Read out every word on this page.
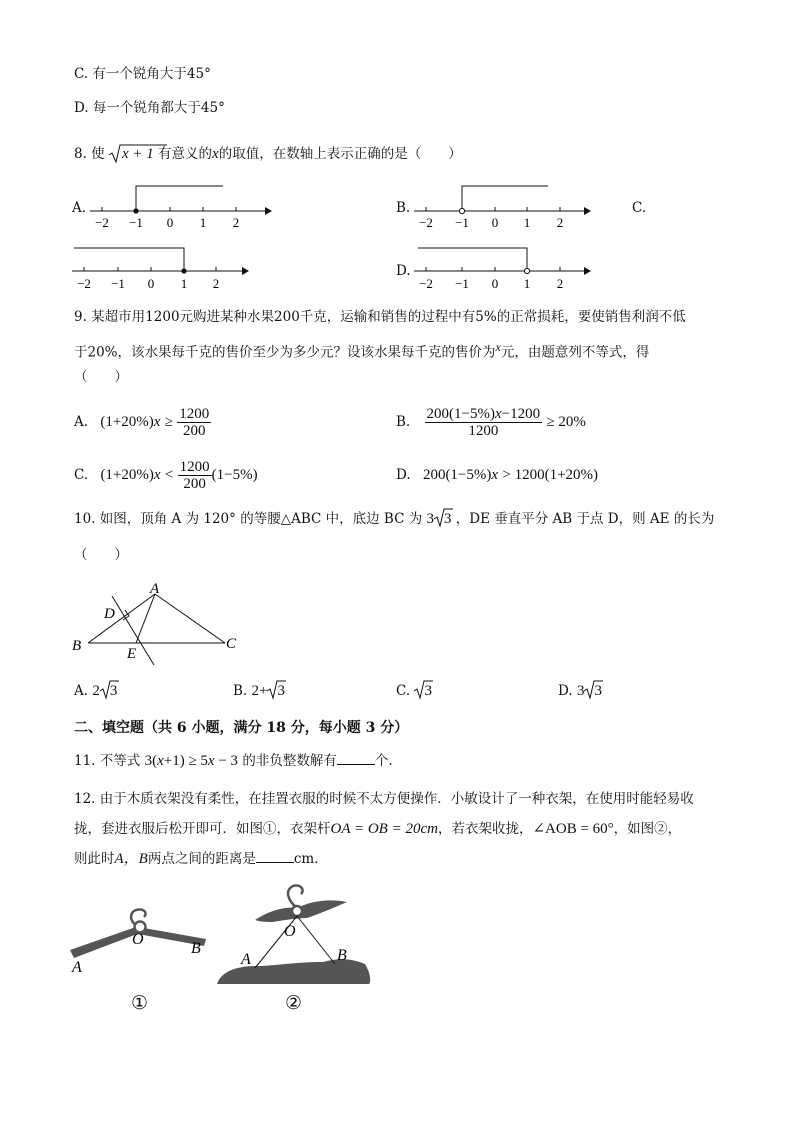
C. 有一个锐角大于45°
D. 每一个锐角都大于45°
8. 使 x + 1 有意义的x的取值，在数轴上表示正确的是（　　）
A.
−2 −1 0 1 2
B.
−2 −1 0 1 2
C.
−2 −1 0 1 2
D.
−2 −1 0 1 2
9. 某超市用1200元购进某种水果200千克，运输和销售的过程中有5%的正常损耗，要使销售利润不低
于20%，该水果每千克的售价至少为多少元？设该水果每千克的售价为x元，由题意列不等式，得
（　　）
A. $(1+20\%)x \ge \frac{1200}{200}$	B. $\frac{200(1-5\%)x-1200}{1200} \ge 20\%$
C. $(1+20\%)x < \frac{1200}{200} (1-5\%)$	D. 200(1−5%)x > 1200(1+20%)
10. 如图，顶角 A 为 120° 的等腰△ABC 中，底边 BC 为 3 3 ，DE 垂直平分 AB 于点 D，则 AE 的长为
（　　）
A
B	C
D
E
A. 2 3	B. 2+ 3	C. 3	D. 3 3
二、填空题（共 6 小题，满分 18 分，每小题 3 分）
11. 不等式 3(x+1) ≥ 5x − 3 的非负整数解有	个.
12. 由于木质衣架没有柔性，在挂置衣服的时候不太方便操作．小敏设计了一种衣架，在使用时能轻易收
拢，套进衣服后松开即可．如图①，衣架杆OA = OB = 20cm，若衣架收拢，∠AOB = 60°，如图②，
则此时A，B两点之间的距离是	cm．
O
A
B
①
O
A	B
②
